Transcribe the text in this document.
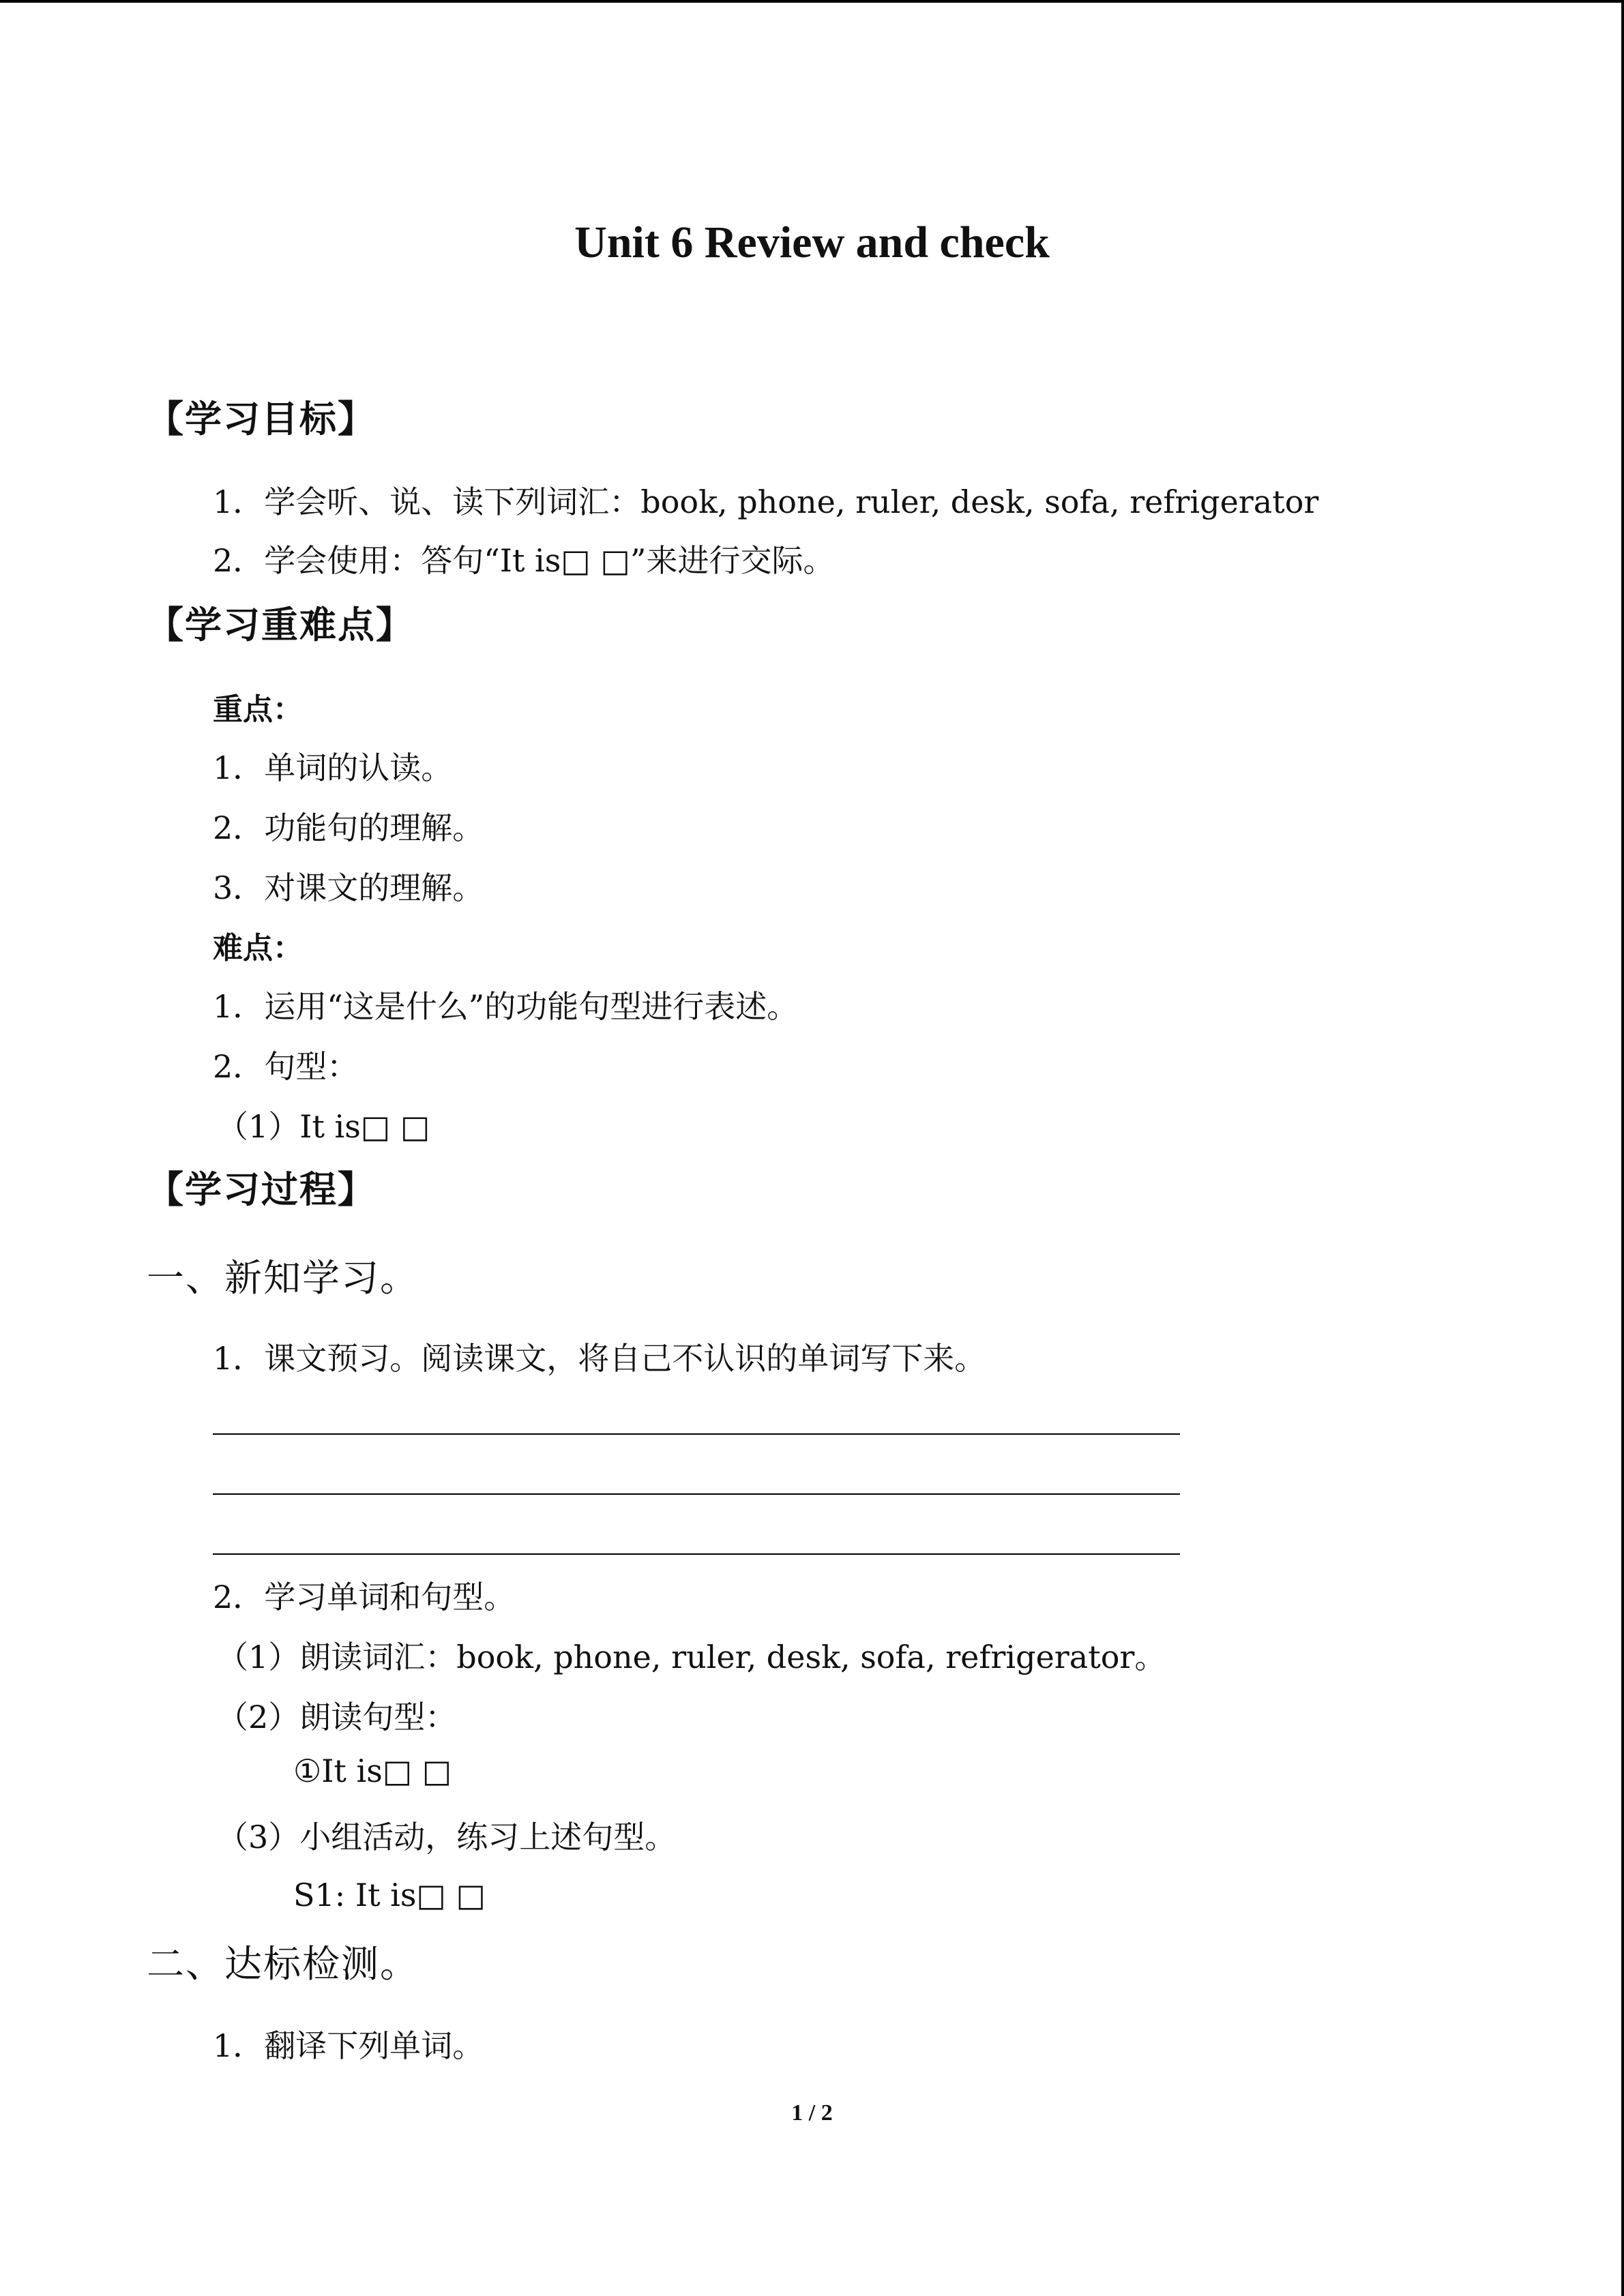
Unit 6 Review and check
【学习目标】
1．学会听、说、读下列词汇：book, phone, ruler, desk, sofa, refrigerator
2．学会使用：答句“It is□ □”来进行交际。
【学习重难点】
重点：
1．单词的认读。
2．功能句的理解。
3．对课文的理解。
难点：
1．运用“这是什么”的功能句型进行表述。
2．句型：
（1）It is□ □
【学习过程】
一、新知学习。
1．课文预习。阅读课文，将自己不认识的单词写下来。
2．学习单词和句型。
（1）朗读词汇：book, phone, ruler, desk, sofa, refrigerator。
（2）朗读句型：
①It is□ □
（3）小组活动，练习上述句型。
S1: It is□ □
二、达标检测。
1．翻译下列单词。
1 / 2
